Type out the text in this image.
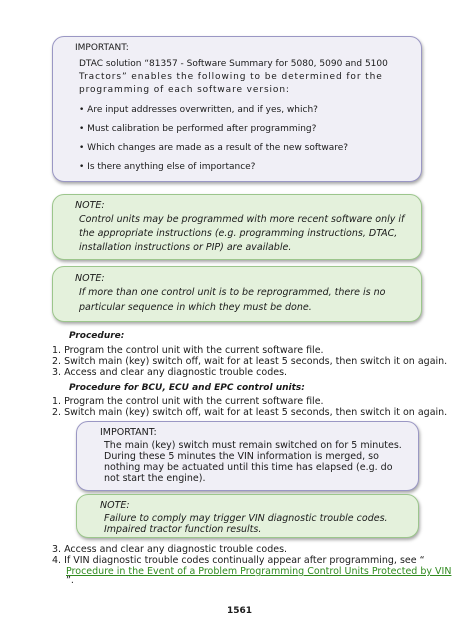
IMPORTANT:
DTAC solution “81357 - Software Summary for 5080, 5090 and 5100
Tractors” enables the following to be determined for the
programming of each software version:
• Are input addresses overwritten, and if yes, which?
• Must calibration be performed after programming?
• Which changes are made as a result of the new software?
• Is there anything else of importance?
NOTE:
Control units may be programmed with more recent software only if
the appropriate instructions (e.g. programming instructions, DTAC,
installation instructions or PIP) are available.
NOTE:
If more than one control unit is to be reprogrammed, there is no
particular sequence in which they must be done.
Procedure:
1. Program the control unit with the current software file.
2. Switch main (key) switch off, wait for at least 5 seconds, then switch it on again.
3. Access and clear any diagnostic trouble codes.
Procedure for BCU, ECU and EPC control units:
1. Program the control unit with the current software file.
2. Switch main (key) switch off, wait for at least 5 seconds, then switch it on again.
IMPORTANT:
The main (key) switch must remain switched on for 5 minutes.
During these 5 minutes the VIN information is merged, so
nothing may be actuated until this time has elapsed (e.g. do
not start the engine).
NOTE:
Failure to comply may trigger VIN diagnostic trouble codes.
Impaired tractor function results.
3. Access and clear any diagnostic trouble codes.
4. If VIN diagnostic trouble codes continually appear after programming, see “
Procedure in the Event of a Problem Programming Control Units Protected by VIN
”.
1561
